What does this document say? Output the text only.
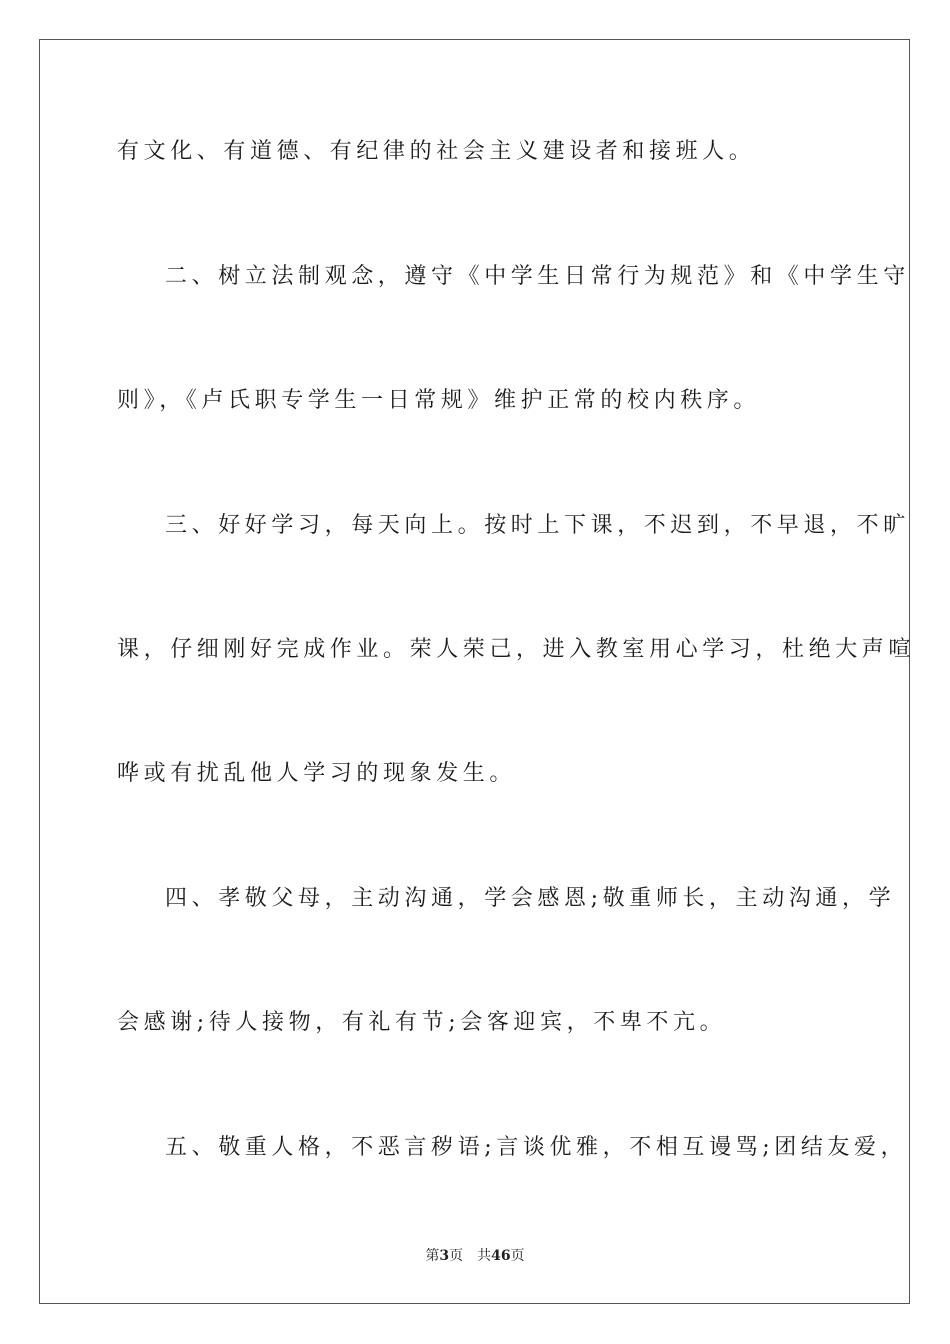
有文化、有道德、有纪律的社会主义建设者和接班人。
二、树立法制观念，遵守《中学生日常行为规范》和《中学生守
则》，《卢氏职专学生一日常规》维护正常的校内秩序。
三、好好学习，每天向上。按时上下课，不迟到，不早退，不旷
课，仔细刚好完成作业。荣人荣己，进入教室用心学习，杜绝大声喧
哗或有扰乱他人学习的现象发生。
四、孝敬父母，主动沟通，学会感恩;敬重师长，主动沟通，学
会感谢;待人接物，有礼有节;会客迎宾，不卑不亢。
五、敬重人格，不恶言秽语;言谈优雅，不相互谩骂;团结友爱，
第3页 共46页
